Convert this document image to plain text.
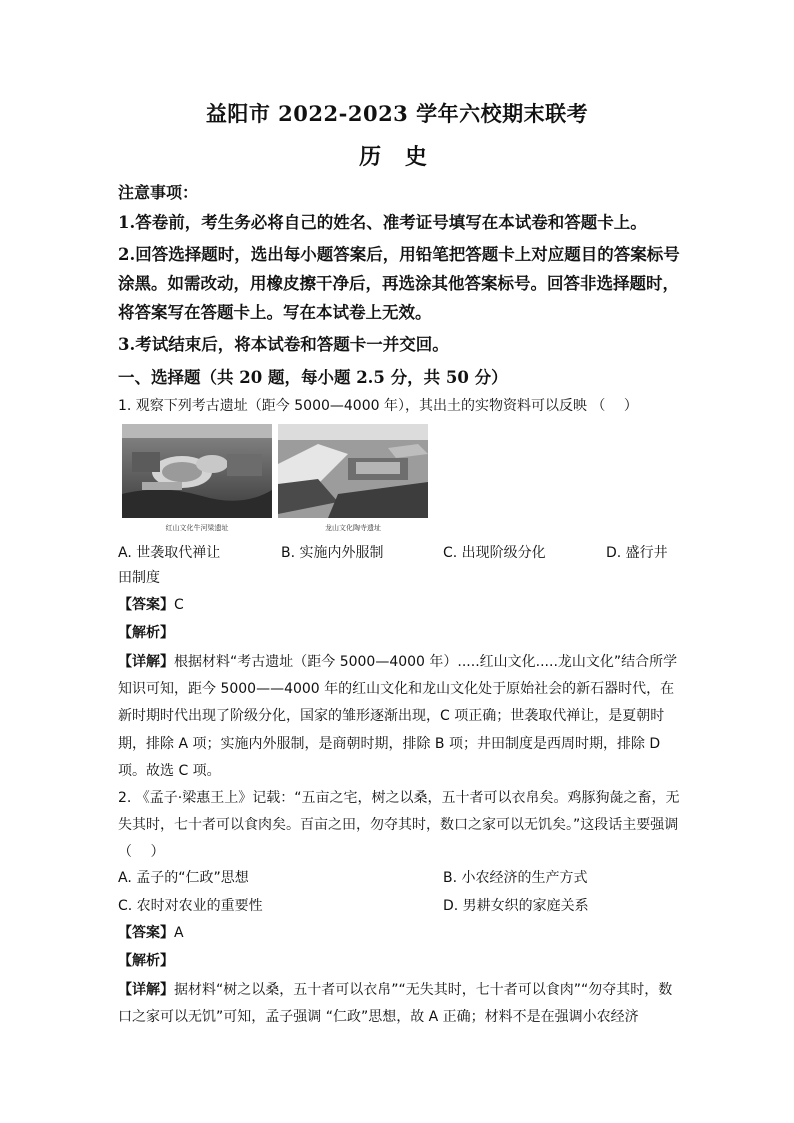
益阳市 2022-2023 学年六校期末联考
历 史
注意事项：
1.答卷前，考生务必将自己的姓名、准考证号填写在本试卷和答题卡上。
2.回答选择题时，选出每小题答案后，用铅笔把答题卡上对应题目的答案标号涂黑。如需改动，用橡皮擦干净后，再选涂其他答案标号。回答非选择题时，将答案写在答题卡上。写在本试卷上无效。
3.考试结束后，将本试卷和答题卡一并交回。
一、选择题（共 20 题，每小题 2.5 分，共 50 分）
1. 观察下列考古遗址（距今 5000—4000 年），其出土的实物资料可以反映 （　 ）
红山文化牛河梁遗址	龙山文化陶寺遗址
A. 世袭取代禅让	B. 实施内外服制	C. 出现阶级分化	D. 盛行井
田制度
【答案】C
【解析】
【详解】根据材料“考古遗址（距今 5000—4000 年）.....红山文化.....龙山文化”结合所学知识可知，距今 5000——4000 年的红山文化和龙山文化处于原始社会的新石器时代，在新时期时代出现了阶级分化，国家的雏形逐渐出现，C 项正确；世袭取代禅让，是夏朝时期，排除 A 项；实施内外服制，是商朝时期，排除 B 项；井田制度是西周时期，排除 D 项。故选 C 项。
2. 《孟子·梁惠王上》记载：“五亩之宅，树之以桑，五十者可以衣帛矣。鸡豚狗彘之畜，无失其时，七十者可以食肉矣。百亩之田，勿夺其时，数口之家可以无饥矣。”这段话主要强调（　 ）
A. 孟子的“仁政”思想	B. 小农经济的生产方式
C. 农时对农业的重要性	D. 男耕女织的家庭关系
【答案】A
【解析】
【详解】据材料“树之以桑，五十者可以衣帛”“无失其时，七十者可以食肉”“勿夺其时，数口之家可以无饥”可知，孟子强调 “仁政”思想，故 A 正确；材料不是在强调小农经济
